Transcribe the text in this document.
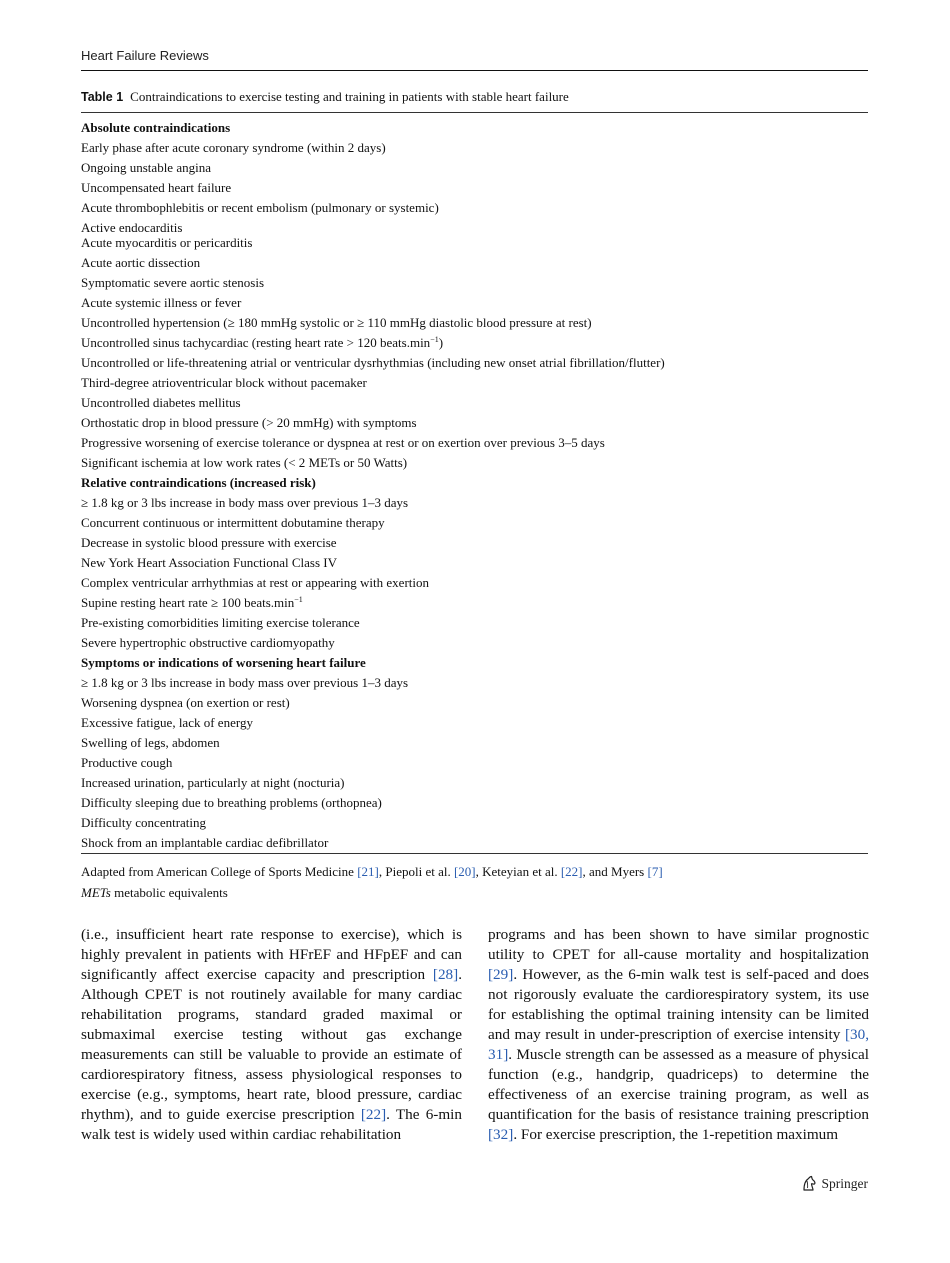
Heart Failure Reviews
Table 1 Contraindications to exercise testing and training in patients with stable heart failure
Absolute contraindications
Early phase after acute coronary syndrome (within 2 days)
Ongoing unstable angina
Uncompensated heart failure
Acute thrombophlebitis or recent embolism (pulmonary or systemic)
Active endocarditis
Acute myocarditis or pericarditis
Acute aortic dissection
Symptomatic severe aortic stenosis
Acute systemic illness or fever
Uncontrolled hypertension (≥ 180 mmHg systolic or ≥ 110 mmHg diastolic blood pressure at rest)
Uncontrolled sinus tachycardiac (resting heart rate > 120 $beats.\min^{-1}$)
Uncontrolled or life-threatening atrial or ventricular dysrhythmias (including new onset atrial fibrillation/flutter)
Third-degree atrioventricular block without pacemaker
Uncontrolled diabetes mellitus
Orthostatic drop in blood pressure (> 20 mmHg) with symptoms
Progressive worsening of exercise tolerance or dyspnea at rest or on exertion over previous 3–5 days
Significant ischemia at low work rates (< 2 METs or 50 Watts)
Relative contraindications (increased risk)
≥ 1.8 kg or 3 lbs increase in body mass over previous 1–3 days
Concurrent continuous or intermittent dobutamine therapy
Decrease in systolic blood pressure with exercise
New York Heart Association Functional Class IV
Complex ventricular arrhythmias at rest or appearing with exertion
Supine resting heart rate ≥ 100 $beats.\min^{-1}$
Pre-existing comorbidities limiting exercise tolerance
Severe hypertrophic obstructive cardiomyopathy
Symptoms or indications of worsening heart failure
≥ 1.8 kg or 3 lbs increase in body mass over previous 1–3 days
Worsening dyspnea (on exertion or rest)
Excessive fatigue, lack of energy
Swelling of legs, abdomen
Productive cough
Increased urination, particularly at night (nocturia)
Difficulty sleeping due to breathing problems (orthopnea)
Difficulty concentrating
Shock from an implantable cardiac defibrillator
Adapted from American College of Sports Medicine [21], Piepoli et al. [20], Keteyian et al. [22], and Myers [7]
METs metabolic equivalents
(i.e., insufficient heart rate response to exercise), which is highly prevalent in patients with HFrEF and HFpEF and can significantly affect exercise capacity and prescription [28]. Although CPET is not routinely available for many cardiac rehabilitation programs, standard graded maximal or submaximal exercise testing without gas exchange measurements can still be valuable to provide an estimate of cardiorespiratory fitness, assess physiological responses to exercise (e.g., symptoms, heart rate, blood pressure, cardiac rhythm), and to guide exercise prescription [22]. The 6-min walk test is widely used within cardiac rehabilitation
programs and has been shown to have similar prognostic utility to CPET for all-cause mortality and hospitalization [29]. However, as the 6-min walk test is self-paced and does not rigorously evaluate the cardiorespiratory system, its use for establishing the optimal training intensity can be limited and may result in under-prescription of exercise intensity [30, 31]. Muscle strength can be assessed as a measure of physical function (e.g., handgrip, quadriceps) to determine the effectiveness of an exercise training program, as well as quantification for the basis of resistance training prescription [32]. For exercise prescription, the 1-repetition maximum
Springer
